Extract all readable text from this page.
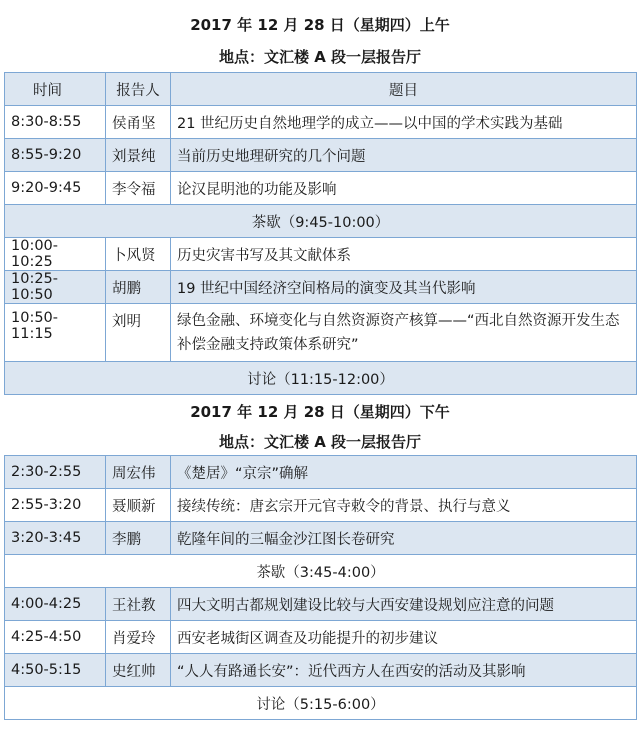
2017 年 12 月 28 日（星期四）上午
地点：文汇楼 A 段一层报告厅
时间	报告人	题目
8:30-8:55	侯甬坚	21 世纪历史自然地理学的成立——以中国的学术实践为基础
8:55-9:20	刘景纯	当前历史地理研究的几个问题
9:20-9:45	李令福	论汉昆明池的功能及影响
茶歇（9:45-10:00）		
10:00-10:25	卜风贤	历史灾害书写及其文献体系
10:25-10:50	胡鹏	19 世纪中国经济空间格局的演变及其当代影响
10:50-11:15	刘明	绿色金融、环境变化与自然资源资产核算——“西北自然资源开发生态补偿金融支持政策体系研究”
讨论（11:15-12:00）		
2017 年 12 月 28 日（星期四）下午
地点：文汇楼 A 段一层报告厅
2:30-2:55	周宏伟	《楚居》“京宗”确解
2:55-3:20	聂顺新	接续传统：唐玄宗开元官寺敕令的背景、执行与意义
3:20-3:45	李鹏	乾隆年间的三幅金沙江图长卷研究
茶歇（3:45-4:00）		
4:00-4:25	王社教	四大文明古都规划建设比较与大西安建设规划应注意的问题
4:25-4:50	肖爱玲	西安老城街区调查及功能提升的初步建议
4:50-5:15	史红帅	“人人有路通长安”：近代西方人在西安的活动及其影响
讨论（5:15-6:00）		
